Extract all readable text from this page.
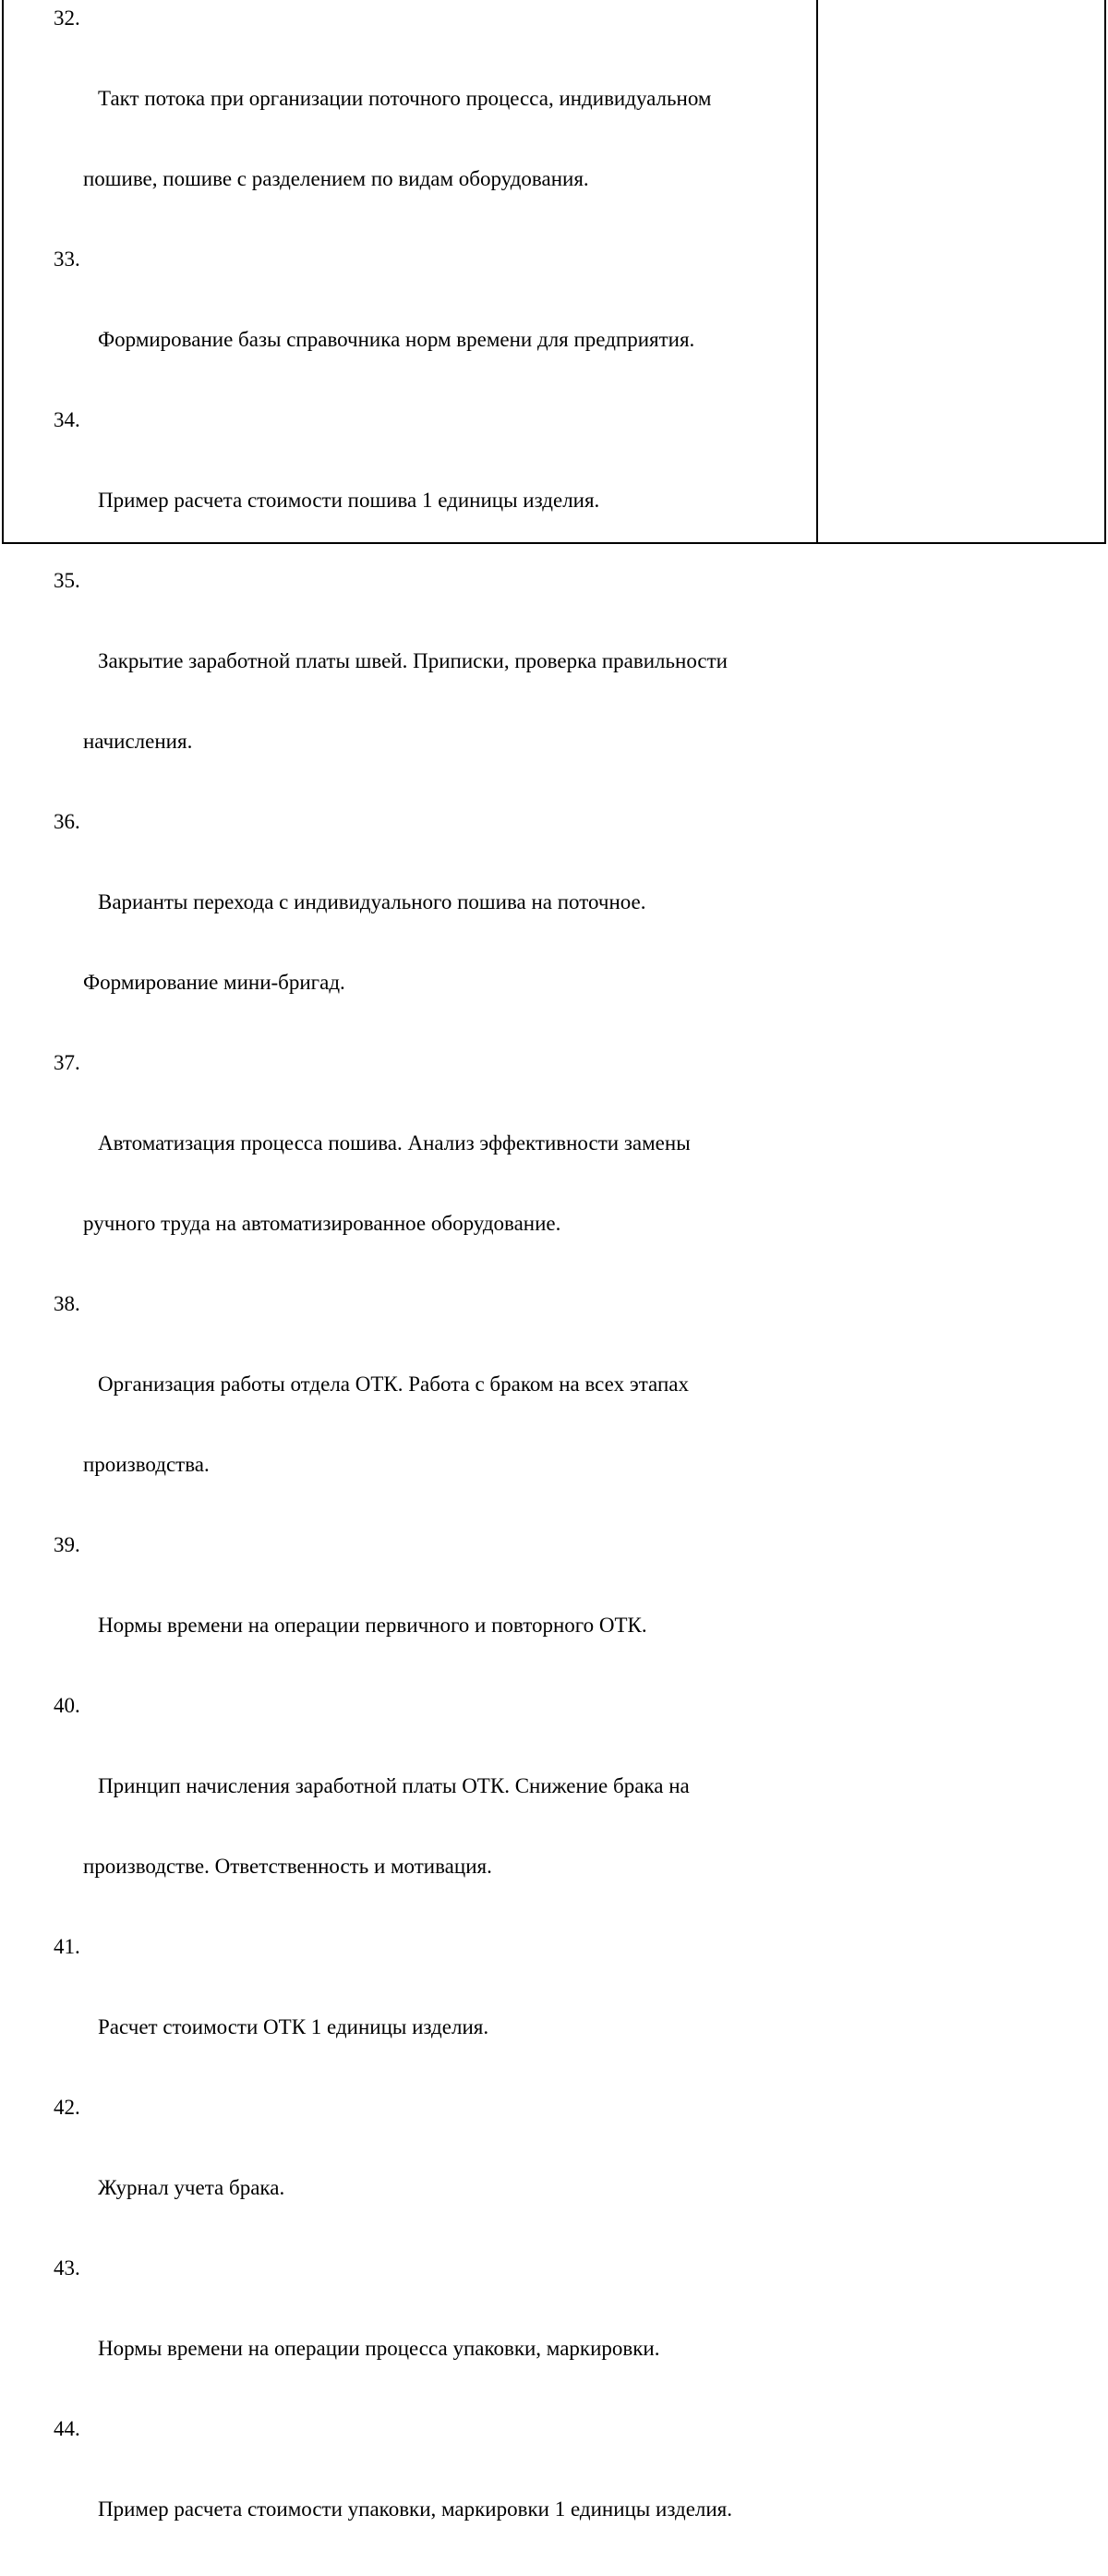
32.

Такт потока при организации поточного процесса, индивидуальном

пошиве, пошиве с разделением по видам оборудования.

33.

Формирование базы справочника норм времени для предприятия.

34.

Пример расчета стоимости пошива 1 единицы изделия.

35.

Закрытие заработной платы швей. Приписки, проверка правильности

начисления.

36.

Варианты перехода с индивидуального пошива на поточное.

Формирование мини-бригад.

37.

Автоматизация процесса пошива. Анализ эффективности замены

ручного труда на автоматизированное оборудование.

38.

Организация работы отдела ОТК. Работа с браком на всех этапах

производства.

39.

Нормы времени на операции первичного и повторного ОТК.

40.

Принцип начисления заработной платы ОТК. Снижение брака на

производстве. Ответственность и мотивация.

41.

Расчет стоимости ОТК 1 единицы изделия.

42.

Журнал учета брака.

43.

Нормы времени на операции процесса упаковки, маркировки.

44.

Пример расчета стоимости упаковки, маркировки 1 единицы изделия.
